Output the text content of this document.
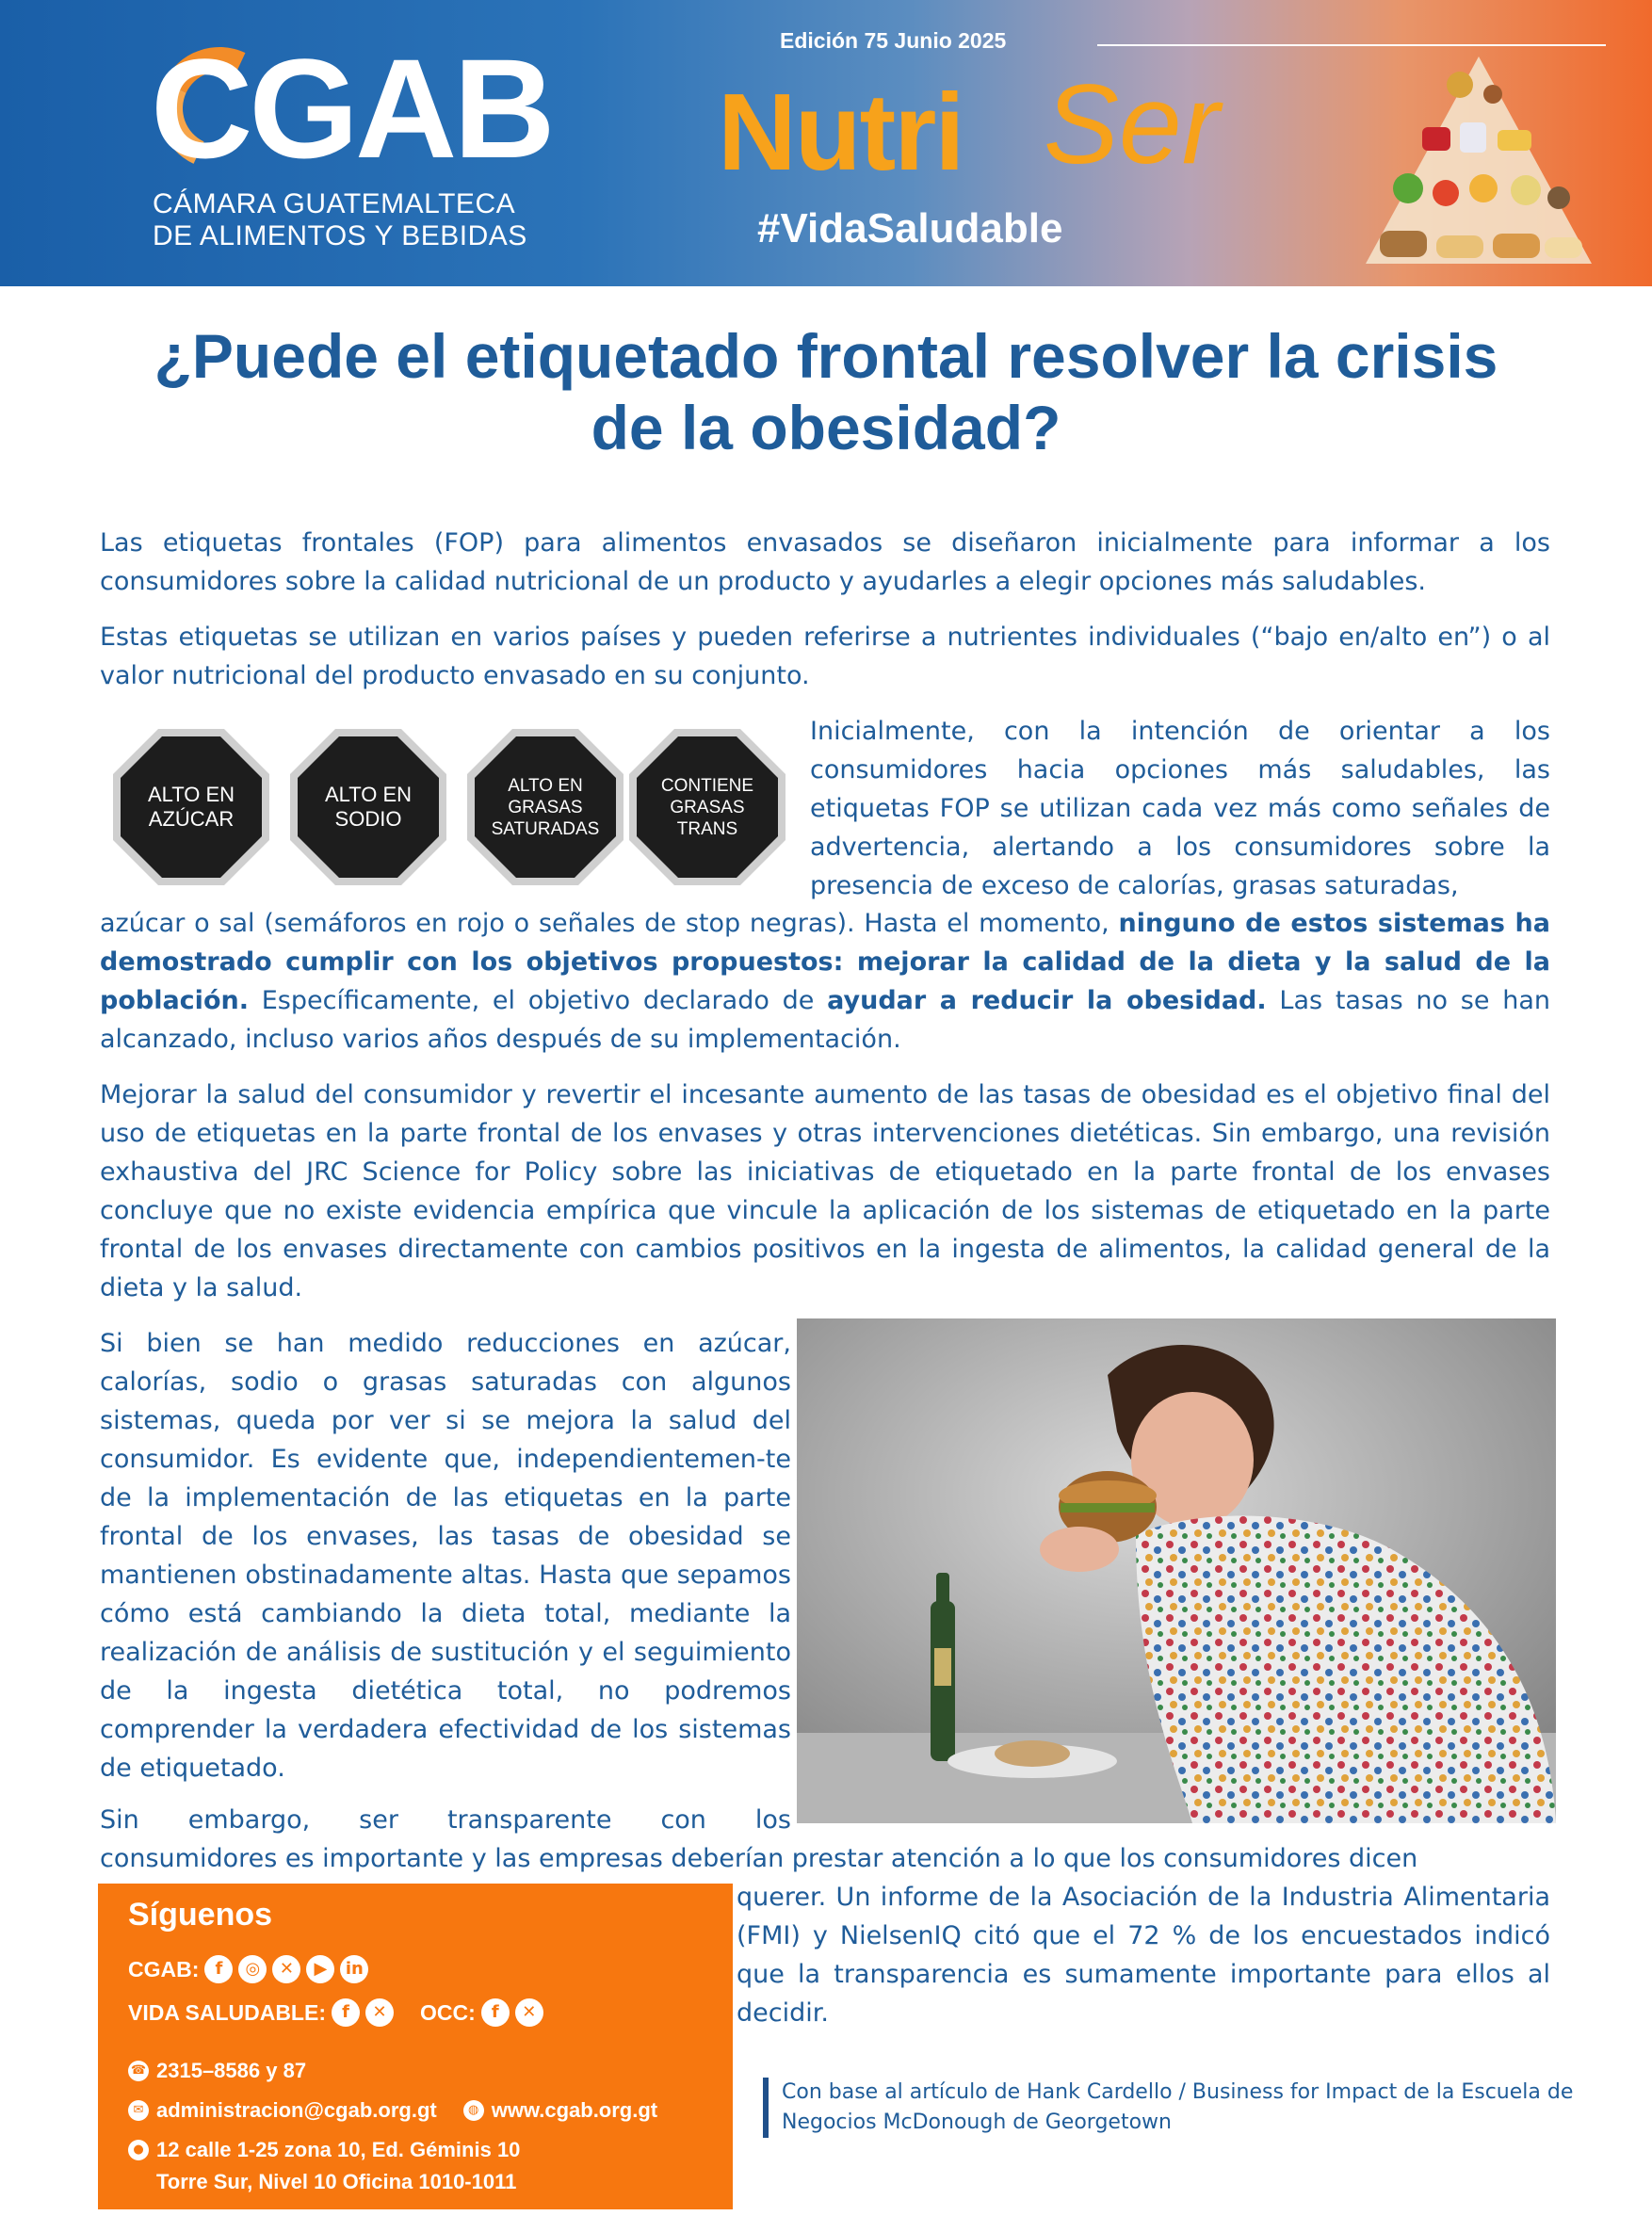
CGAB
CÁMARA GUATEMALTECA
DE ALIMENTOS Y BEBIDAS
Edición 75 Junio 2025
Nutri Ser
#VidaSaludable
¿Puede el etiquetado frontal resolver la crisis
de la obesidad?
Las etiquetas frontales (FOP) para alimentos envasados se diseñaron inicialmente para informar a los consumidores sobre la calidad nutricional de un producto y ayudarles a elegir opciones más saludables.
Estas etiquetas se utilizan en varios países y pueden referirse a nutrientes individuales (“bajo en/alto en”) o al valor nutricional del producto envasado en su conjunto.
ALTO EN
AZÚCAR
ALTO EN
SODIO
ALTO EN
GRASAS
SATURADAS
CONTIENE
GRASAS
TRANS
Inicialmente, con la intención de orientar a los consumidores hacia opciones más saludables, las etiquetas FOP se utilizan cada vez más como señales de advertencia, alertando a los consumidores sobre la presencia de exceso de calorías, grasas saturadas,
azúcar o sal (semáforos en rojo o señales de stop negras). Hasta el momento, ninguno de estos sistemas ha demostrado cumplir con los objetivos propuestos: mejorar la calidad de la dieta y la salud de la población. Específicamente, el objetivo declarado de ayudar a reducir la obesidad. Las tasas no se han alcanzado, incluso varios años después de su implementación.
Mejorar la salud del consumidor y revertir el incesante aumento de las tasas de obesidad es el objetivo final del uso de etiquetas en la parte frontal de los envases y otras intervenciones dietéticas. Sin embargo, una revisión exhaustiva del JRC Science for Policy sobre las iniciativas de etiquetado en la parte frontal de los envases concluye que no existe evidencia empírica que vincule la aplicación de los sistemas de etiquetado en la parte frontal de los envases directamente con cambios positivos en la ingesta de alimentos, la calidad general de la dieta y la salud.
Si bien se han medido reducciones en azúcar, calorías, sodio o grasas saturadas con algunos sistemas, queda por ver si se mejora la salud del consumidor. Es evidente que, independientemen-te de la implementación de las etiquetas en la parte frontal de los envases, las tasas de obesidad se mantienen obstinadamente altas. Hasta que sepamos cómo está cambiando la dieta total, mediante la realización de análisis de sustitución y el seguimiento de la ingesta dietética total, no podremos comprender la verdadera efectividad de los sistemas de etiquetado.
Sin embargo, ser transparente con los
consumidores es importante y las empresas deberían prestar atención a lo que los consumidores dicen
querer. Un informe de la Asociación de la Industria Alimentaria (FMI) y NielsenIQ citó que el 72 % de los encuestados indicó que la transparencia es sumamente importante para ellos al decidir.
Síguenos
CGAB: f	◎	✕	▶	in
VIDA SALUDABLE: f	✕	OCC: f	✕
☎ 2315–8586 y 87
✉ administracion@cgab.org.gt	◍ www.cgab.org.gt
● 12 calle 1-25 zona 10, Ed. Géminis 10
Torre Sur, Nivel 10 Oficina 1010-1011
Con base al artículo de Hank Cardello / Business for Impact de la Escuela de Negocios McDonough de Georgetown
